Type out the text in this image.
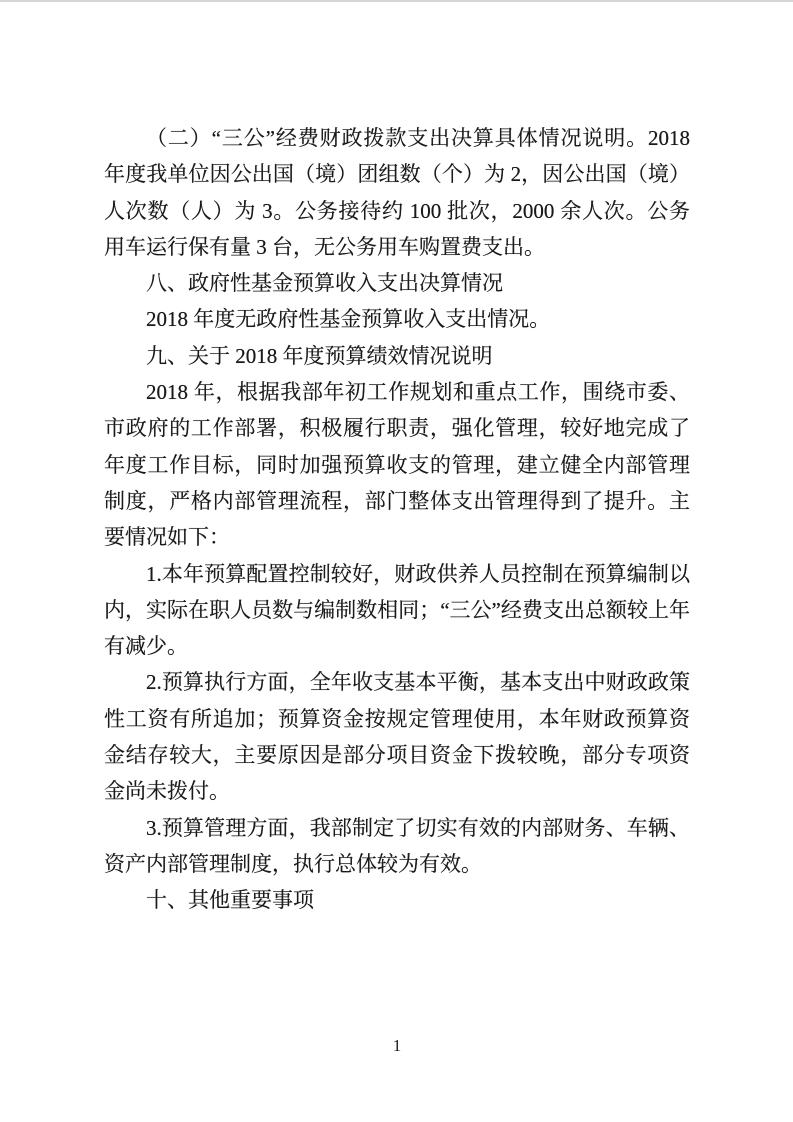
（二）“三公”经费财政拨款支出决算具体情况说明。2018 年度我单位因公出国（境）团组数（个）为 2，因公出国（境）人次数（人）为 3。公务接待约 100 批次，2000 余人次。公务用车运行保有量 3 台，无公务用车购置费支出。

八、政府性基金预算收入支出决算情况

2018 年度无政府性基金预算收入支出情况。

九、关于 2018 年度预算绩效情况说明

2018 年，根据我部年初工作规划和重点工作，围绕市委、市政府的工作部署，积极履行职责，强化管理，较好地完成了年度工作目标，同时加强预算收支的管理，建立健全内部管理制度，严格内部管理流程，部门整体支出管理得到了提升。主要情况如下：

1.本年预算配置控制较好，财政供养人员控制在预算编制以内，实际在职人员数与编制数相同；“三公”经费支出总额较上年有减少。

2.预算执行方面，全年收支基本平衡，基本支出中财政政策性工资有所追加；预算资金按规定管理使用，本年财政预算资金结存较大，主要原因是部分项目资金下拨较晚，部分专项资金尚未拨付。

3.预算管理方面，我部制定了切实有效的内部财务、车辆、资产内部管理制度，执行总体较为有效。

十、其他重要事项

1
